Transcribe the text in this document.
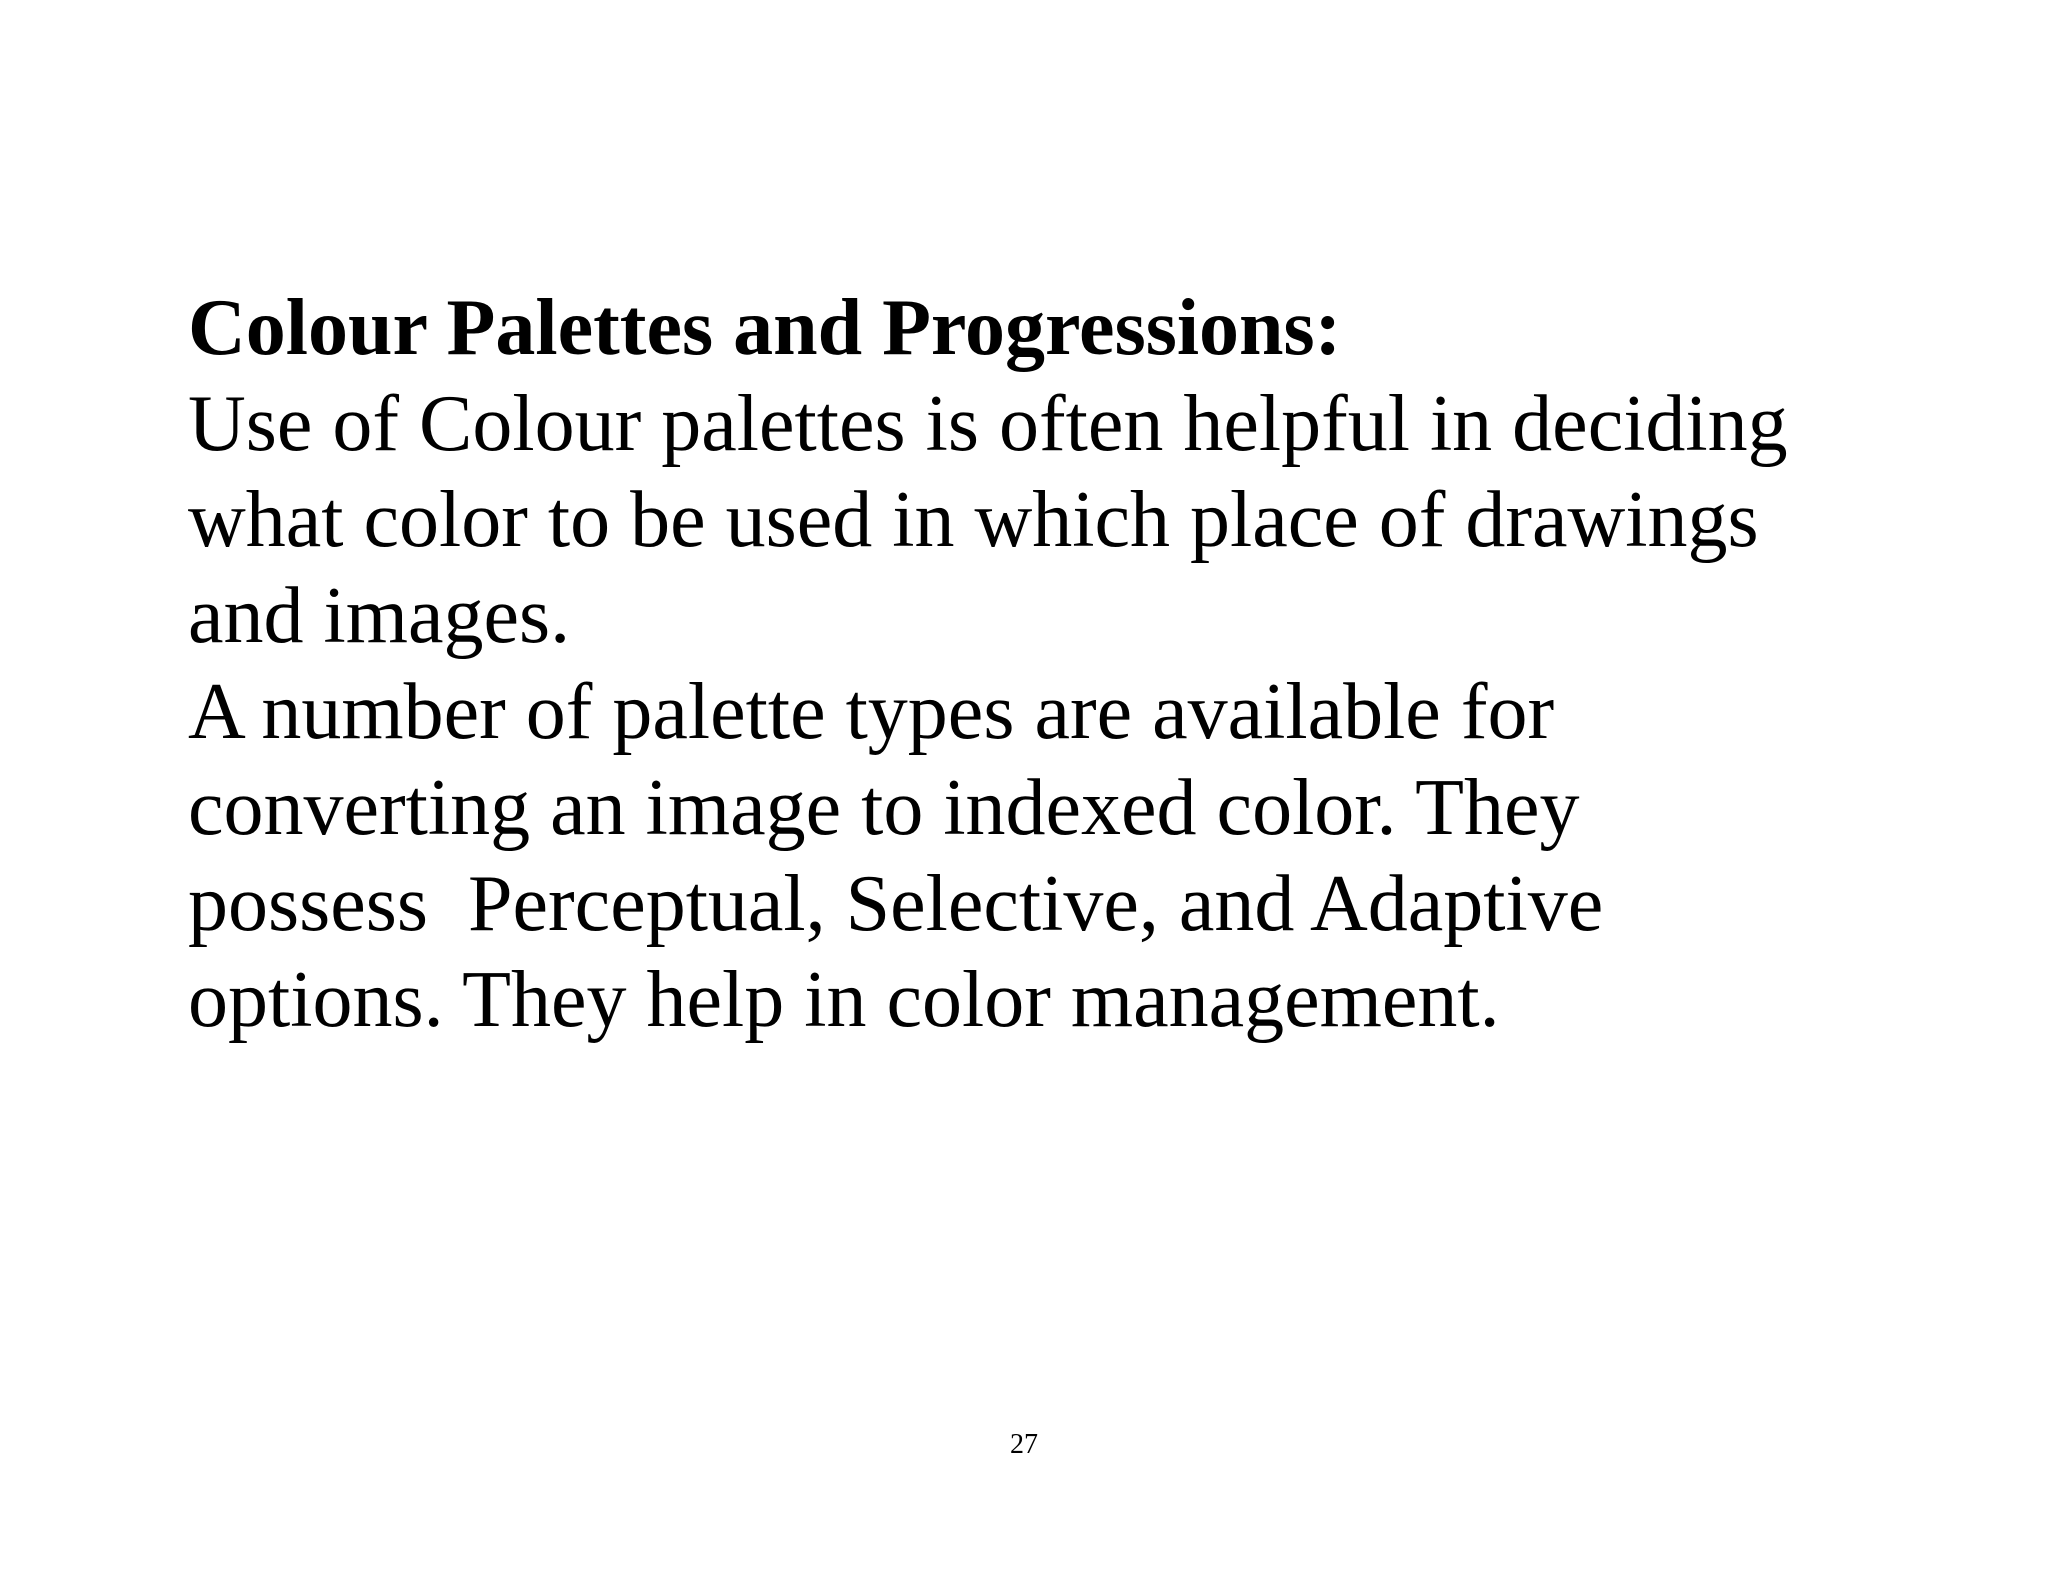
Colour Palettes and Progressions:

Use of Colour palettes is often helpful in deciding

what color to be used in which place of drawings

and images.

A number of palette types are available for

converting an image to indexed color. They

possess  Perceptual, Selective, and Adaptive

options. They help in color management.

27
